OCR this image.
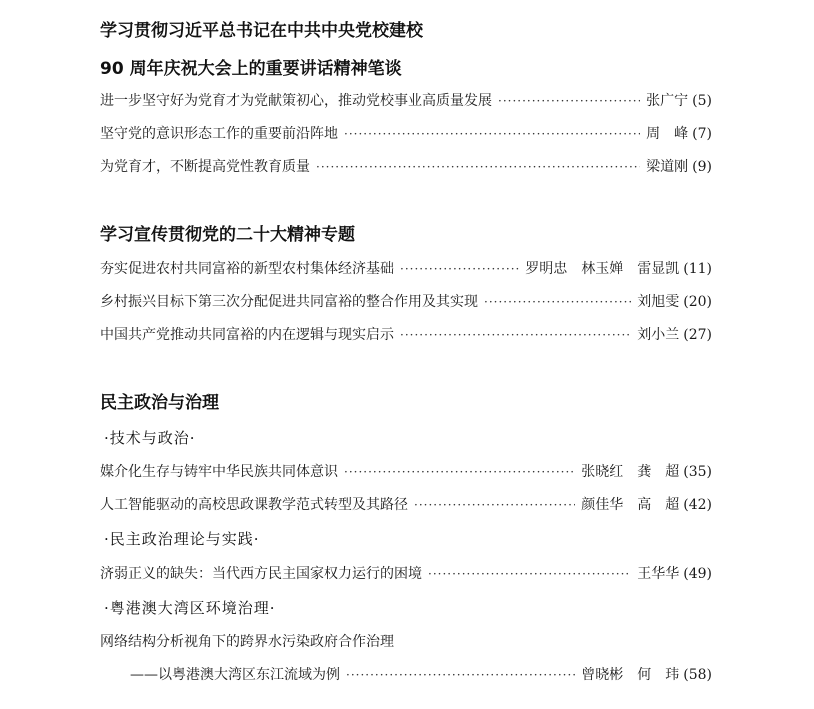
学习贯彻习近平总书记在中共中央党校建校
90 周年庆祝大会上的重要讲话精神笔谈
进一步坚守好为党育才为党献策初心，推动党校事业高质量发展 ·····	张广宁 (5)
坚守党的意识形态工作的重要前沿阵地 ·····	周　峰 (7)
为党育才，不断提高党性教育质量 ·····	梁道刚 (9)
学习宣传贯彻党的二十大精神专题
夯实促进农村共同富裕的新型农村集体经济基础 ·····	罗明忠　林玉婵　雷显凯 (11)
乡村振兴目标下第三次分配促进共同富裕的整合作用及其实现 ·····	刘旭雯 (20)
中国共产党推动共同富裕的内在逻辑与现实启示 ·····	刘小兰 (27)
民主政治与治理
·技术与政治·
媒介化生存与铸牢中华民族共同体意识 ·····	张晓红　龚　超 (35)
人工智能驱动的高校思政课教学范式转型及其路径 ·····	颜佳华　高　超 (42)
·民主政治理论与实践·
济弱正义的缺失：当代西方民主国家权力运行的困境 ·····	王华华 (49)
·粤港澳大湾区环境治理·
网络结构分析视角下的跨界水污染政府合作治理
——以粤港澳大湾区东江流域为例 ·····	曾晓彬　何　玮 (58)
